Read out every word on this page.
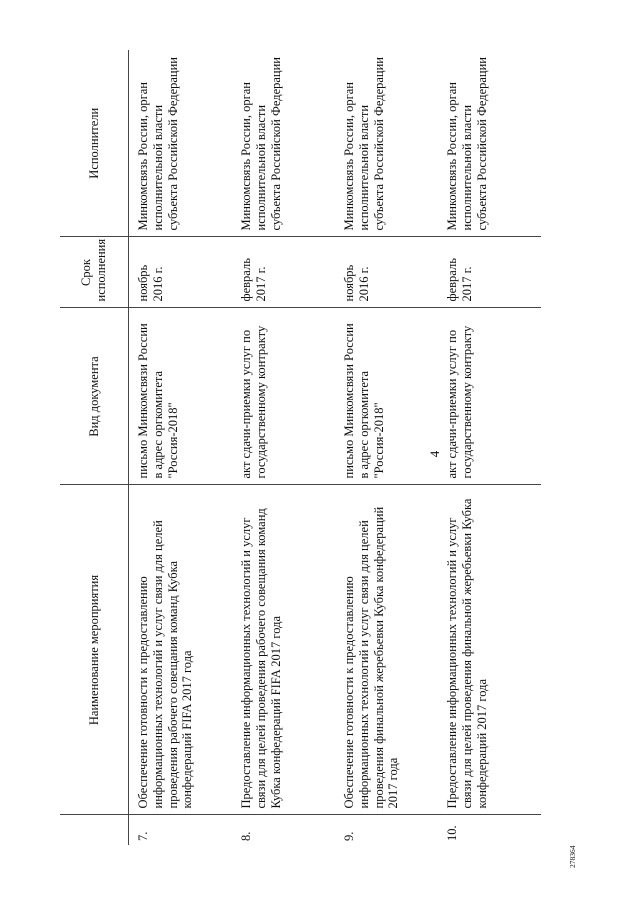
4
	Наименование мероприятия	Вид документа	Срок исполнения	Исполнители
7.	Обеспечение готовности к предоставлению информационных технологий и услуг связи для целей проведения рабочего совещания команд Кубка конфедераций FIFA 2017 года	письмо Минкомсвязи России в адрес оргкомитета "Россия-2018"	ноябрь 2016 г.	Минкомсвязь России, орган исполнительной власти субъекта Российской Федерации
8.	Предоставление информационных технологий и услуг связи для целей проведения рабочего совещания команд Кубка конфедераций FIFA 2017 года	акт сдачи-приемки услуг по государственному контракту	февраль 2017 г.	Минкомсвязь России, орган исполнительной власти субъекта Российской Федерации
9.	Обеспечение готовности к предоставлению информационных технологий и услуг связи для целей проведения финальной жеребьевки Кубка конфедераций 2017 года	письмо Минкомсвязи России в адрес оргкомитета "Россия-2018"	ноябрь 2016 г.	Минкомсвязь России, орган исполнительной власти субъекта Российской Федерации
10.	Предоставление информационных технологий и услуг связи для целей проведения финальной жеребьевки Кубка конфедераций 2017 года	акт сдачи-приемки услуг по государственному контракту	февраль 2017 г.	Минкомсвязь России, орган исполнительной власти субъекта Российской Федерации
278364
